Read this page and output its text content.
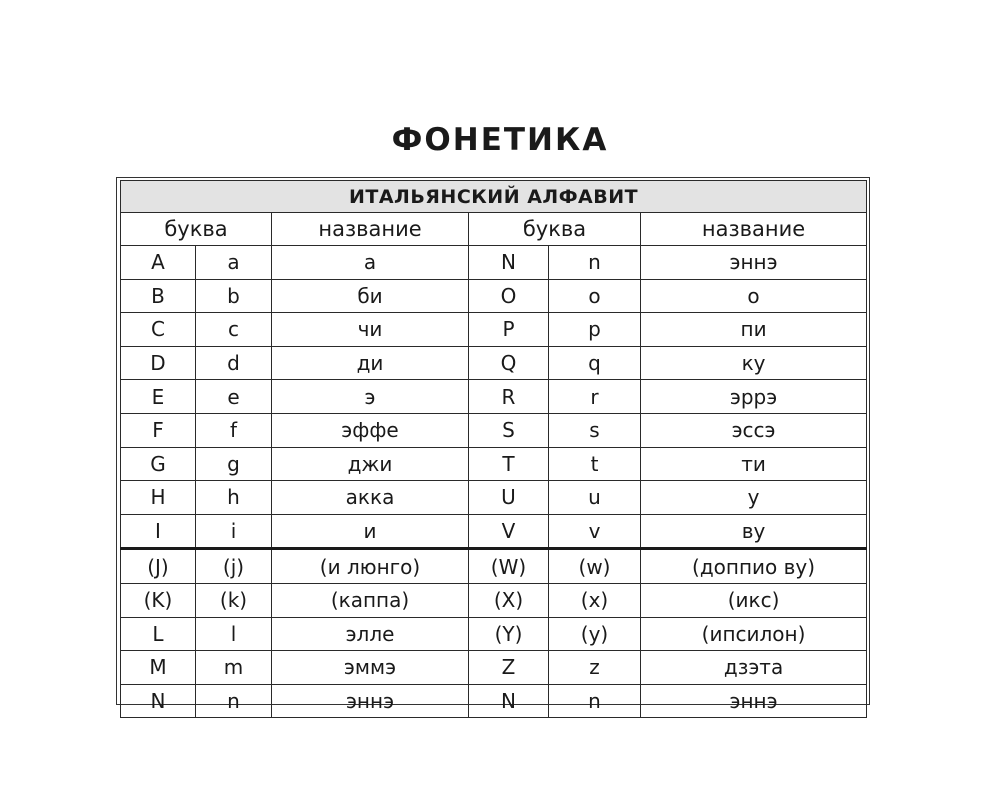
ФОНЕТИКА
ИТАЛЬЯНСКИЙ АЛФАВИТ					
буква		название	буква		название
A	a	а	N	n	эннэ
B	b	би	O	o	о
C	c	чи	P	p	пи
D	d	ди	Q	q	ку
E	e	э	R	r	эррэ
F	f	эффе	S	s	эссэ
G	g	джи	T	t	ти
H	h	акка	U	u	у
I	i	и	V	v	ву
(J)	(j)	(и люнго)	(W)	(w)	(доппио ву)
(K)	(k)	(каппа)	(X)	(x)	(икс)
L	l	элле	(Y)	(y)	(ипсилон)
M	m	эммэ	Z	z	дзэта
N	n	эннэ	N	n	эннэ
